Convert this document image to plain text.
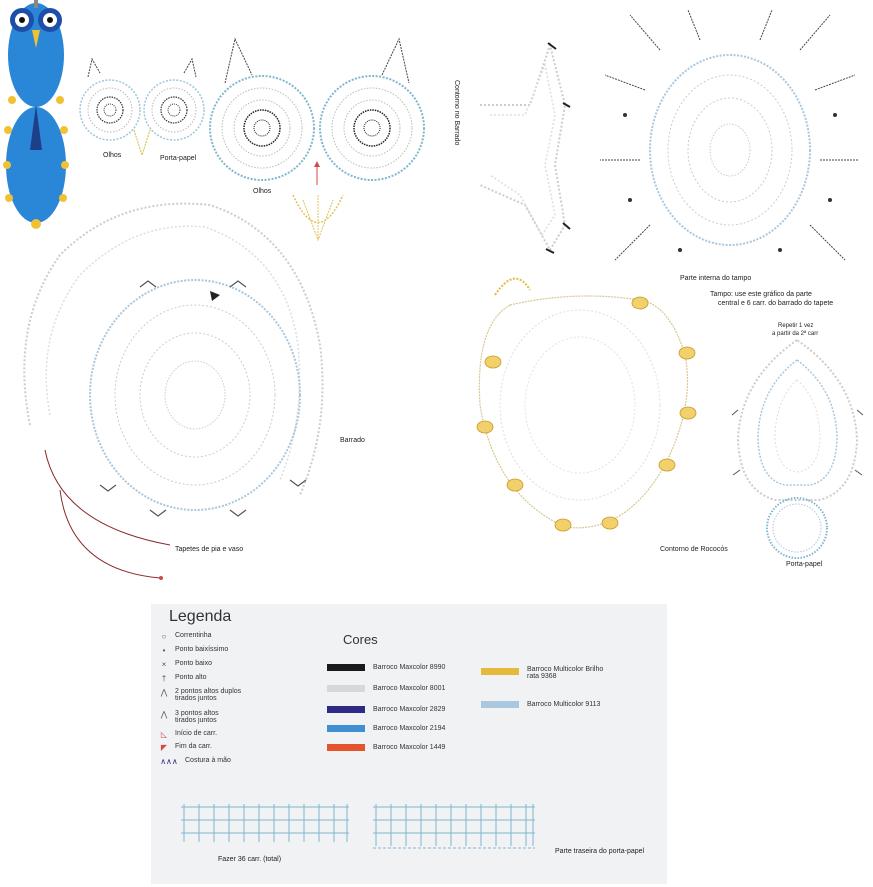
Olhos	Porta-papel
Olhos
Contorno no Barrado
Parte interna do tampo
Tampo: use este gráfico da parte
central e 6 carr. do barrado do tapete
Barrado
Tapetes de pia e vaso	Contorno de Rococós
Repetir 1 vez
a partir da 2ª carr
Porta-papel
Legenda
○	Correntinha
•	Ponto baixíssimo
×	Ponto baixo
†	Ponto alto
⋀	2 pontos altos duplos
tirados juntos
⋀	3 pontos altos
tirados juntos
◺	Início de carr.
◤	Fim da carr.
∧∧∧	Costura à mão
Cores
Barroco Maxcolor 8990
Barroco Maxcolor 8001
Barroco Maxcolor 2829
Barroco Maxcolor 2194
Barroco Maxcolor 1449
Barroco Multicolor Brilho
rata 9368
Barroco Multicolor 9113
Fazer 36 carr. (total)
Parte traseira do porta-papel
